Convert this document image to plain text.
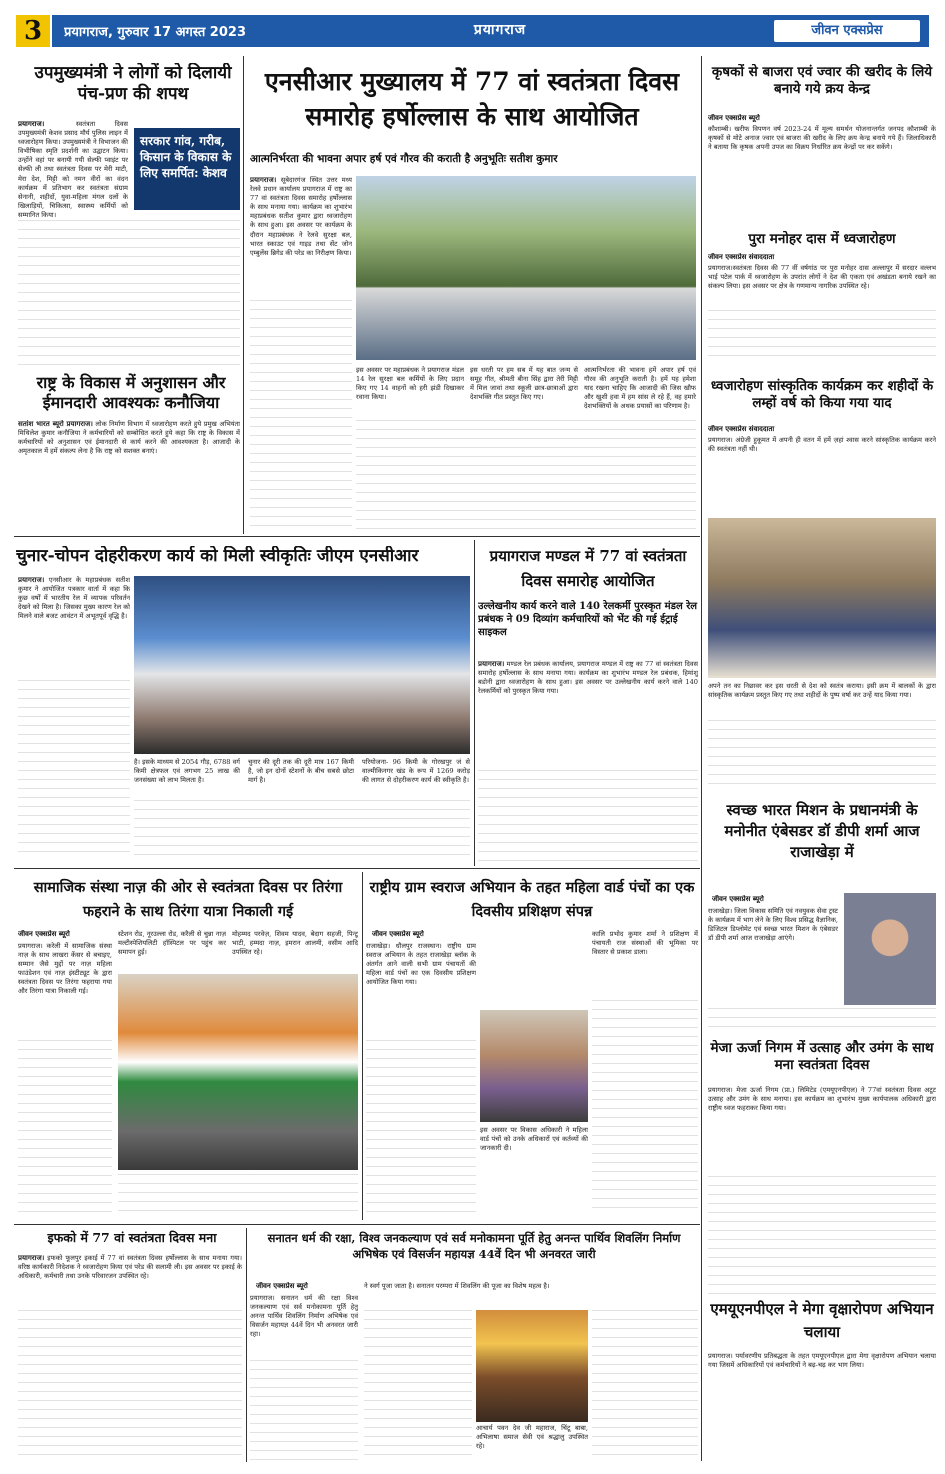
3	प्रयागराज, गुरुवार 17 अगस्त 2023	प्रयागराज	जीवन एक्सप्रेस
उपमुख्यमंत्री ने लोगों को दिलायी पंच-प्रण की शपथ
प्रयागराज।	स्वतंत्रता दिवस उपमुख्यमंत्री केशव प्रसाद मौर्य पुलिस लाइन में ध्वजारोहण किया। उपमुख्यमंत्री ने विभाजन की विभीषिका स्मृति प्रदर्शनी का उद्घाटन किया। उन्होंने वहां पर बनायी गयी सेल्फी प्वाइंट पर सेल्फी ली तथा स्वतंत्रता दिवस पर मेरी माटी, मेरा देश, मिट्टी को नमन वीरों का वंदन कार्यक्रम में प्रतिभाग कर स्वतंत्रता संग्राम सेनानी, शहीदों, युवा-महिला मंगल दलों के खिलाड़ियों, चिकित्सा, स्वास्थ्य कर्मियों को सम्मानित किया।
सरकार गांव, गरीब, किसान के विकास के लिए समर्पित: केशव
राष्ट्र के विकास में अनुशासन और ईमानदारी आवश्यकः कनौजिया
सतांश भारत ब्यूरो प्रयागराज। लोक निर्माण विभाग में ध्वजारोहण करते हुये प्रमुख अभियंता मिथिलेश कुमार कनौजिया ने कर्मचारियों को सम्बोधित करते हुये कहा कि राष्ट्र के विकास में कर्मचारियों को अनुशासन एवं ईमानदारी से कार्य करने की आवश्यकता है। आजादी के अमृतकाल में हमें संकल्प लेना है कि राष्ट्र को सशक्त बनाएं।
एनसीआर मुख्यालय में 77 वां स्वतंत्रता दिवस समारोह हर्षोल्लास के साथ आयोजित
आत्मनिर्भरता की भावना अपार हर्ष एवं गौरव की कराती है अनुभूतिः सतीश कुमार
प्रयागराज। सूबेदारगंज स्थित उत्तर मध्य रेलवे प्रधान कार्यालय प्रयागराज में राष्ट्र का 77 वां स्वतंत्रता दिवस समारोह हर्षोल्लास के साथ मनाया गया। कार्यक्रम का शुभारंभ महाप्रबंधक सतीश कुमार द्वारा ध्वजारोहण के साथ हुआ। इस अवसर पर कार्यक्रम के दौरान महाप्रबंधक ने रेलवे सुरक्षा बल, भारत स्काउट एवं गाइड तथा सेंट जोन एम्बुलेंस ब्रिगेड की परेड का निरीक्षण किया।
इस अवसर पर महाप्रबंधक ने प्रयागराज मंडल 14 रेल सुरक्षा बल कर्मियों के लिए प्रदान किए गए 14 वाहनों को हरी झंडी दिखाकर रवाना किया।
इस धरती पर हम सब में यह बात जन्म से समूह गीत, श्रीमती बीना सिंह द्वारा तेरी मिट्टी में मिल जावां तथा स्कूली छात्र-छात्राओं द्वारा देशभक्ति गीत प्रस्तुत किए गए।
आत्मनिर्भरता की भावना हमें अपार हर्ष एवं गौरव की अनुभूति कराती है। हमें यह हमेशा याद रखना चाहिए कि आजादी की जिस खौफ और खुशी हवा में हम सांस ले रहे हैं, वह हमारे देशभक्तियों के अथक प्रयासों का परिणाम है।
कृषकों से बाजरा एवं ज्वार की खरीद के लिये बनाये गये क्रय केन्द्र
जीवन एक्सप्रेस ब्यूरो
कौशाम्बी। खरीफ विपणन वर्ष 2023-24 में मूल्य समर्थन योजनान्तर्गत जनपद कौशाम्बी के कृषकों से मोटे अनाज ज्वार एवं बाजरा की खरीद के लिए क्रय केन्द्र बनाये गये हैं। जिलाधिकारी ने बताया कि कृषक अपनी उपज का विक्रय निर्धारित क्रय केन्द्रों पर कर सकेंगे।
पुरा मनोहर दास में ध्वजारोहण
जीवन एक्सप्रेस संवाददाता
प्रयागराज।स्वतंत्रता दिवस की 77 वीं वर्षगांठ पर पुरा मनोहर दास अल्लापुर में सरदार वल्लभ भाई पटेल पार्क में ध्वजारोहण के उपरांत लोगों ने देश की एकता एवं अखंडता बनाये रखने का संकल्प लिया। इस अवसर पर क्षेत्र के गणमान्य नागरिक उपस्थित रहे।
ध्वजारोहण सांस्कृतिक कार्यक्रम कर शहीदों के लम्हों वर्ष को किया गया याद
जीवन एक्सप्रेस संवाददाता
प्रयागराज। अंग्रेजी हुकूमत में अपनी ही वतन में हमें ज़हां श्वास करने सांस्कृतिक कार्यक्रम करने की स्वतंत्रता नहीं थी।
अपने तन का निछावर कर इस धरती से देश को स्वतंत्र कराया। इसी क्रम में बालकों के द्वारा सांस्कृतिक कार्यक्रम प्रस्तुत किए गए तथा शहीदों के पुष्प वर्षा कर उन्हें याद किया गया।
स्वच्छ भारत मिशन के प्रधानमंत्री के मनोनीत एंबेसडर डॉ डीपी शर्मा आज राजाखेड़ा में
जीवन एक्सप्रेस ब्यूरो
राजाखेड़ा। जिला विकास समिति एवं नवयुवक सेवा ट्रस्ट के कार्यक्रम में भाग लेने के लिए विश्व प्रसिद्ध वैज्ञानिक, डिजिटल डिप्लोमेट एवं स्वच्छ भारत मिशन के एंबेसडर डॉ डीपी शर्मा आज राजाखेड़ा आएंगे।
मेजा ऊर्जा निगम में उत्साह और उमंग के साथ मना स्वतंत्रता दिवस
प्रयागराज। मेजा ऊर्जा निगम (प्रा.) लिमिटेड (एमयूएनपीएल) ने 77वां स्वतंत्रता दिवस अटूट उत्साह और उमंग के साथ मनाया। इस कार्यक्रम का शुभारंभ मुख्य कार्यपालक अधिकारी द्वारा राष्ट्रीय ध्वज फहराकर किया गया।
एमयूएनपीएल ने मेगा वृक्षारोपण अभियान चलाया
प्रयागराज। पर्यावरणीय प्रतिबद्धता के तहत एमयूएनपीएल द्वारा मेगा वृक्षारोपण अभियान चलाया गया जिसमें अधिकारियों एवं कर्मचारियों ने बढ़-चढ़ कर भाग लिया।
चुनार-चोपन दोहरीकरण कार्य को मिली स्वीकृतिः जीएम एनसीआर
प्रयागराज। एनसीआर के महाप्रबंधक सतीश कुमार ने आयोजित पत्रकार वार्ता में कहा कि कुछ वर्षों में भारतीय रेल में व्यापक परिवर्तन देखने को मिला है। जिसका मुख्य कारण रेल को मिलने वाले बजट आवंटन में अभूतपूर्व वृद्धि है।
है। इसके माध्यम से 2054 गौड़, 6788 वर्ग किमी क्षेत्रफल एवं लगभग 25 लाख की जनसंख्या को लाभ मिलता है।
चुनार की दूरी तक की दूरी मात्र 167 किमी है, जो इन दोनों स्टेशनों के बीच सबसे छोटा मार्ग है।
परियोजना- 96 किमी के गोरखपुर जं से वाल्मीकिनगर खंड के रूप में 1269 करोड़ की लागत से दोहरीकरण कार्य की स्वीकृति है।
प्रयागराज मण्डल में 77 वां स्वतंत्रता दिवस समारोह आयोजित
उल्लेखनीय कार्य करने वाले 140 रेलकर्मी पुरस्कृत मंडल रेल प्रबंधक ने 09 दिव्यांग कर्मचारियों को भेंट की गई ईट्राई साइकल
प्रयागराज। मण्डल रेल प्रबंधक कार्यालय, प्रयागराज मण्डल में राष्ट्र का 77 वां स्वतंत्रता दिवस समारोह हर्षोल्लास के साथ मनाया गया। कार्यक्रम का शुभारंभ मण्डल रेल प्रबंधक, हिमांशु बडोनी द्वारा ध्वजारोहण के साथ हुआ। इस अवसर पर उल्लेखनीय कार्य करने वाले 140 रेलकर्मियों को पुरस्कृत किया गया।
सामाजिक संस्था नाज़ की ओर से स्वतंत्रता दिवस पर तिरंगा फहराने के साथ तिरंगा यात्रा निकाली गई
जीवन एक्सप्रेस ब्यूरो
प्रयागराज। करेली में सामाजिक संस्था नाज़ के साथ लाखरा केंसर से बचाइए, सम्मान जैसे मुद्दों पर नाज़ महिला फाउंडेशन एवं नाज़ इंस्टीट्यूट के द्वारा स्वतंत्रता दिवस पर तिरंगा फहराया गया और तिरंगा यात्रा निकाली गई।
स्टेशन रोड, नूरउल्ला रोड, करैली से चुन्ना नाज़ मल्टीस्पेशियलिटी हॉस्पिटल पर पहुंच कर समापन हुई।
मोहम्मद परवेज़, शिवम यादव, बेदाग सहजी, पिन्टू भाटी, हम्मदा नाज़, इमरान आलमी, वसीम आदि उपस्थित रहे।
राष्ट्रीय ग्राम स्वराज अभियान के तहत महिला वार्ड पंचों का एक दिवसीय प्रशिक्षण संपन्न
जीवन एक्सप्रेस ब्यूरो
राजाखेड़ा। धौलपुर राजस्थान। राष्ट्रीय ग्राम स्वराज अभियान के तहत राजाखेड़ा ब्लॉक के अंतर्गत आने वाली सभी ग्राम पंचायतों की महिला वार्ड पंचों का एक दिवसीय प्रशिक्षण आयोजित किया गया।
इस अवसर पर विकास अधिकारी ने महिला वार्ड पंचों को उनके अधिकारों एवं कर्तव्यों की जानकारी दी।
कालि प्रभोद कुमार शर्मा ने प्रशिक्षण में पंचायती राज संस्थाओं की भूमिका पर विस्तार से प्रकाश डाला।
इफको में 77 वां स्वतंत्रता दिवस मना
प्रयागराज। इफको फूलपुर इकाई में 77 वां स्वतंत्रता दिवस हर्षोल्लास के साथ मनाया गया। वरिष्ठ कार्यकारी निदेशक ने ध्वजारोहण किया एवं परेड की सलामी ली। इस अवसर पर इकाई के अधिकारी, कर्मचारी तथा उनके परिवारजन उपस्थित रहे।
सनातन धर्म की रक्षा, विश्व जनकल्याण एवं सर्व मनोकामना पूर्ति हेतु अनन्त पार्थिव शिवलिंग निर्माण अभिषेक एवं विसर्जन महायज्ञ 44वें दिन भी अनवरत जारी
जीवन एक्सप्रेस ब्यूरो
प्रयागराज। सनातन धर्म की रक्षा विश्व जनकल्याण एवं सर्व मनोकामना पूर्ति हेतु अनन्त पार्थिव शिवलिंग निर्माण अभिषेक एवं विसर्जन महायज्ञ 44वें दिन भी अनवरत जारी रहा।
ने स्वर्ग पूजा जाता है। सनातन परम्परा में शिवलिंग की पूजा का विशेष महत्व है।
आचार्य पवन देव जी महाराज, चिंटू बाबा, अभिलाषा समाज सेवी एवं श्रद्धालु उपस्थित रहे।
